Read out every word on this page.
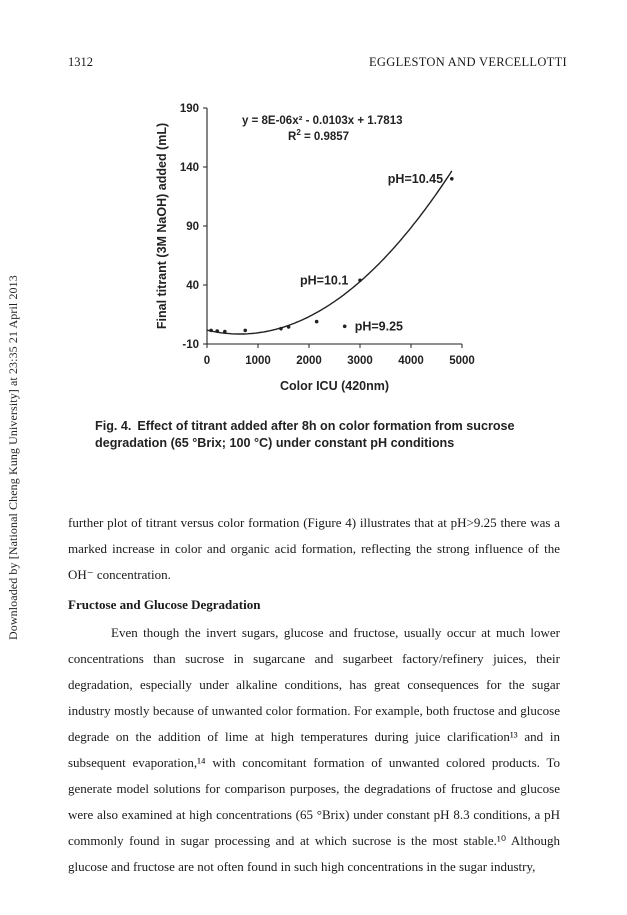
Downloaded by [National Cheng Kung University] at 23:35 21 April 2013
1312	EGGLESTON AND VERCELLOTTI
0	1000 2000 3000 4000 5000
190
140
90
40
-10
Color ICU (420nm)
Final titrant (3M NaOH) added (mL)
y = 8E-06x² - 0.0103x + 1.7813
$R^2 = 0.9857$
pH=10.45
pH=10.1
pH=9.25
Fig. 4. Effect of titrant added after 8h on color formation from sucrose degradation (65 °Brix; 100 °C) under constant pH conditions
further plot of titrant versus color formation (Figure 4) illustrates that at pH>9.25 there was a marked increase in color and organic acid formation, reflecting the strong influence of the OH⁻ concentration.
Fructose and Glucose Degradation
Even though the invert sugars, glucose and fructose, usually occur at much lower concentrations than sucrose in sugarcane and sugarbeet factory/refinery juices, their degradation, especially under alkaline conditions, has great consequences for the sugar industry mostly because of unwanted color formation. For example, both fructose and glucose degrade on the addition of lime at high temperatures during juice clarification¹³ and in subsequent evaporation,¹⁴ with concomitant formation of unwanted colored products. To generate model solutions for comparison purposes, the degradations of fructose and glucose were also examined at high concentrations (65 °Brix) under constant pH 8.3 conditions, a pH commonly found in sugar processing and at which sucrose is the most stable.¹⁰ Although glucose and fructose are not often found in such high concentrations in the sugar industry,
